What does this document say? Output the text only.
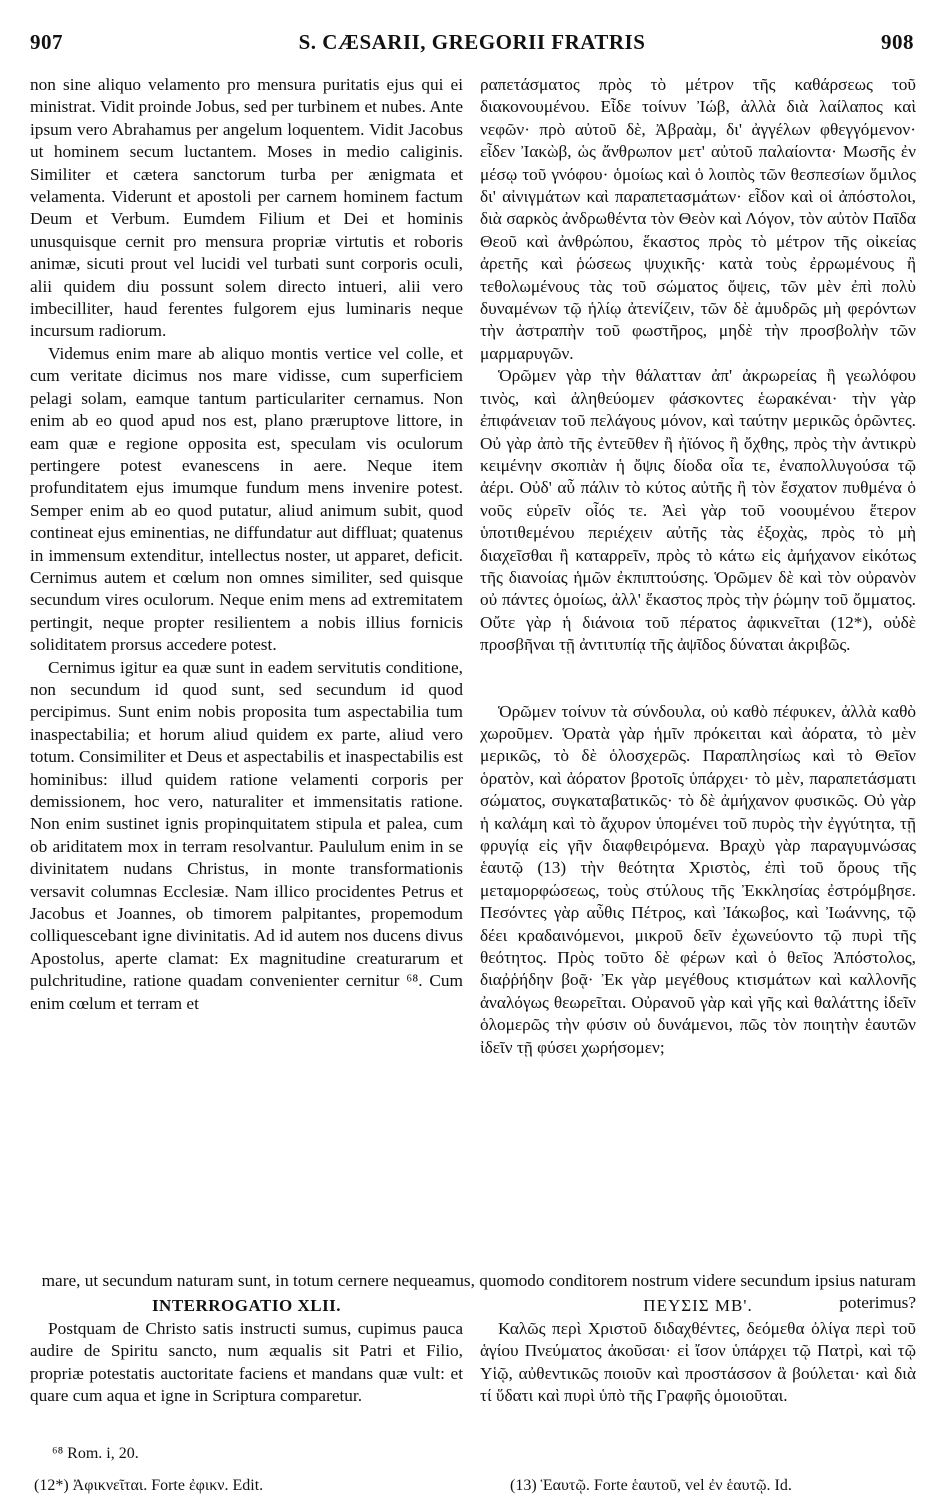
907	S. CÆSARII, GREGORII FRATRIS	908

non sine aliquo velamento pro mensura puritatis ejus qui ei ministrat. Vidit proinde Jobus, sed per turbinem et nubes. Ante ipsum vero Abrahamus per angelum loquentem. Vidit Jacobus ut hominem secum luctantem. Moses in medio caliginis. Similiter et cætera sanctorum turba per ænigmata et velamenta. Viderunt et apostoli per carnem hominem factum Deum et Verbum. Eumdem Filium et Dei et hominis unusquisque cernit pro mensura propriæ virtutis et roboris animæ, sicuti prout vel lucidi vel turbati sunt corporis oculi, alii quidem diu possunt solem directo intueri, alii vero imbecilliter, haud ferentes fulgorem ejus luminaris neque incursum radiorum.

Videmus enim mare ab aliquo montis vertice vel colle, et cum veritate dicimus nos mare vidisse, cum superficiem pelagi solam, eamque tantum particulariter cernamus. Non enim ab eo quod apud nos est, plano præruptove littore, in eam quæ e regione opposita est, speculam vis oculorum pertingere potest evanescens in aere. Neque item profunditatem ejus imumque fundum mens invenire potest. Semper enim ab eo quod putatur, aliud animum subit, quod contineat ejus eminentias, ne diffundatur aut diffluat; quatenus in immensum extenditur, intellectus noster, ut apparet, deficit. Cernimus autem et cœlum non omnes similiter, sed quisque secundum vires oculorum. Neque enim mens ad extremitatem pertingit, neque propter resilientem a nobis illius fornicis soliditatem prorsus accedere potest.

Cernimus igitur ea quæ sunt in eadem servitutis conditione, non secundum id quod sunt, sed secundum id quod percipimus. Sunt enim nobis proposita tum aspectabilia tum inaspectabilia; et horum aliud quidem ex parte, aliud vero totum. Consimiliter et Deus et aspectabilis et inaspectabilis est hominibus: illud quidem ratione velamenti corporis per demissionem, hoc vero, naturaliter et immensitatis ratione. Non enim sustinet ignis propinquitatem stipula et palea, cum ob ariditatem mox in terram resolvantur. Paululum enim in se divinitatem nudans Christus, in monte transformationis versavit columnas Ecclesiæ. Nam illico procidentes Petrus et Jacobus et Joannes, ob timorem palpitantes, propemodum colliquescebant igne divinitatis. Ad id autem nos ducens divus Apostolus, aperte clamat: Ex magnitudine creaturarum et pulchritudine, ratione quadam convenienter cernitur ⁶⁸. Cum enim cœlum et terram et

ραπετάσματος πρὸς τὸ μέτρον τῆς καθάρσεως τοῦ διακονουμένου. Εἶδε τοίνυν Ἰώβ, ἀλλὰ διὰ λαίλαπος καὶ νεφῶν· πρὸ αὐτοῦ δὲ, Ἀβραὰμ, δι' ἀγγέλων φθεγγόμενον· εἶδεν Ἰακὼβ, ὡς ἄνθρωπον μετ' αὐτοῦ παλαίοντα· Μωσῆς ἐν μέσῳ τοῦ γνόφου· ὁμοίως καὶ ὁ λοιπὸς τῶν θεσπεσίων ὅμιλος δι' αἰνιγμάτων καὶ παραπετασμάτων· εἶδον καὶ οἱ ἀπόστολοι, διὰ σαρκὸς ἀνδρωθέντα τὸν Θεὸν καὶ Λόγον, τὸν αὐτὸν Παῖδα Θεοῦ καὶ ἀνθρώπου, ἕκαστος πρὸς τὸ μέτρον τῆς οἰκείας ἀρετῆς καὶ ῥώσεως ψυχικῆς· κατὰ τοὺς ἐρρωμένους ἢ τεθολωμένους τὰς τοῦ σώματος ὄψεις, τῶν μὲν ἐπὶ πολὺ δυναμένων τῷ ἡλίῳ ἀτενίζειν, τῶν δὲ ἀμυδρῶς μὴ φερόντων τὴν ἀστραπὴν τοῦ φωστῆρος, μηδὲ τὴν προσβολὴν τῶν μαρμαρυγῶν.

Ὁρῶμεν γὰρ τὴν θάλατταν ἀπ' ἀκρωρείας ἢ γεωλόφου τινὸς, καὶ ἀληθεύομεν φάσκοντες ἑωρακέναι· τὴν γὰρ ἐπιφάνειαν τοῦ πελάγους μόνον, καὶ ταύτην μερικῶς ὁρῶντες. Οὐ γὰρ ἀπὸ τῆς ἐντεῦθεν ἢ ἠϊόνος ἢ ὄχθης, πρὸς τὴν ἀντικρὺ κειμένην σκοπιὰν ἡ ὄψις δίοδα οἷα τε, ἐναπολλυγούσα τῷ ἀέρι. Οὐδ' αὖ πάλιν τὸ κύτος αὐτῆς ἢ τὸν ἔσχατον πυθμένα ὁ νοῦς εὑρεῖν οἷός τε. Ἀεὶ γὰρ τοῦ νοουμένου ἕτερον ὑποτιθεμένου περιέχειν αὐτῆς τὰς ἐξοχὰς, πρὸς τὸ μὴ διαχεῖσθαι ἢ καταρρεῖν, πρὸς τὸ κάτω εἰς ἀμήχανον εἰκότως τῆς διανοίας ἡμῶν ἐκπιπτούσης. Ὁρῶμεν δὲ καὶ τὸν οὐρανὸν οὐ πάντες ὁμοίως, ἀλλ' ἕκαστος πρὸς τὴν ῥώμην τοῦ ὄμματος. Οὔτε γὰρ ἡ διάνοια τοῦ πέρατος ἀφικνεῖται (12*), οὐδὲ προσβῆναι τῇ ἀντιτυπίᾳ τῆς ἀψῖδος δύναται ἀκριβῶς.

Ὁρῶμεν τοίνυν τὰ σύνδουλα, οὐ καθὸ πέφυκεν, ἀλλὰ καθὸ χωροῦμεν. Ὁρατὰ γὰρ ἡμῖν πρόκειται καὶ ἀόρατα, τὸ μὲν μερικῶς, τὸ δὲ ὁλοσχερῶς. Παραπλησίως καὶ τὸ Θεῖον ὁρατὸν, καὶ ἀόρατον βροτοῖς ὑπάρχει· τὸ μὲν, παραπετάσματι σώματος, συγκαταβατικῶς· τὸ δὲ ἀμήχανον φυσικῶς. Οὐ γὰρ ἡ καλάμη καὶ τὸ ἄχυρον ὑπομένει τοῦ πυρὸς τὴν ἐγγύτητα, τῇ φρυγίᾳ εἰς γῆν διαφθειρόμενα. Βραχὺ γὰρ παραγυμνώσας ἑαυτῷ (13) τὴν θεότητα Χριστὸς, ἐπὶ τοῦ ὄρους τῆς μεταμορφώσεως, τοὺς στύλους τῆς Ἐκκλησίας ἐστρόμβησε. Πεσόντες γὰρ αὖθις Πέτρος, καὶ Ἰάκωβος, καὶ Ἰωάννης, τῷ δέει κραδαινόμενοι, μικροῦ δεῖν ἐχωνεύοντο τῷ πυρὶ τῆς θεότητος. Πρὸς τοῦτο δὲ φέρων καὶ ὁ θεῖος Ἀπόστολος, διαῤῥήδην βοᾷ· Ἐκ γὰρ μεγέθους κτισμάτων καὶ καλλονῆς ἀναλόγως θεωρεῖται. Οὐρανοῦ γὰρ καὶ γῆς καὶ θαλάττης ἰδεῖν ὁλομερῶς τὴν φύσιν οὐ δυνάμενοι, πῶς τὸν ποιητὴν ἑαυτῶν ἰδεῖν τῇ φύσει χωρήσομεν;

mare, ut secundum naturam sunt, in totum cernere nequeamus, quomodo conditorem nostrum videre secundum ipsius naturam poterimus?

INTERROGATIO XLII.

Postquam de Christo satis instructi sumus, cupimus pauca audire de Spiritu sancto, num æqualis sit Patri et Filio, propriæ potestatis auctoritate faciens et mandans quæ vult: et quare cum aqua et igne in Scriptura comparetur.

ΠΕΥΣΙΣ ΜΒ'.

Καλῶς περὶ Χριστοῦ διδαχθέντες, δεόμεθα ὀλίγα περὶ τοῦ ἁγίου Πνεύματος ἀκοῦσαι· εἰ ἴσον ὑπάρχει τῷ Πατρὶ, καὶ τῷ Υἱῷ, αὐθεντικῶς ποιοῦν καὶ προστάσσον ἃ βούλεται· καὶ διὰ τί ὕδατι καὶ πυρὶ ὑπὸ τῆς Γραφῆς ὁμοιοῦται.

⁶⁸ Rom. i, 20.

(12*) Ἀφικνεῖται. Forte ἐφικν. Edit.	(13) Ἑαυτῷ. Forte ἑαυτοῦ, vel ἐν ἑαυτῷ. Id.
